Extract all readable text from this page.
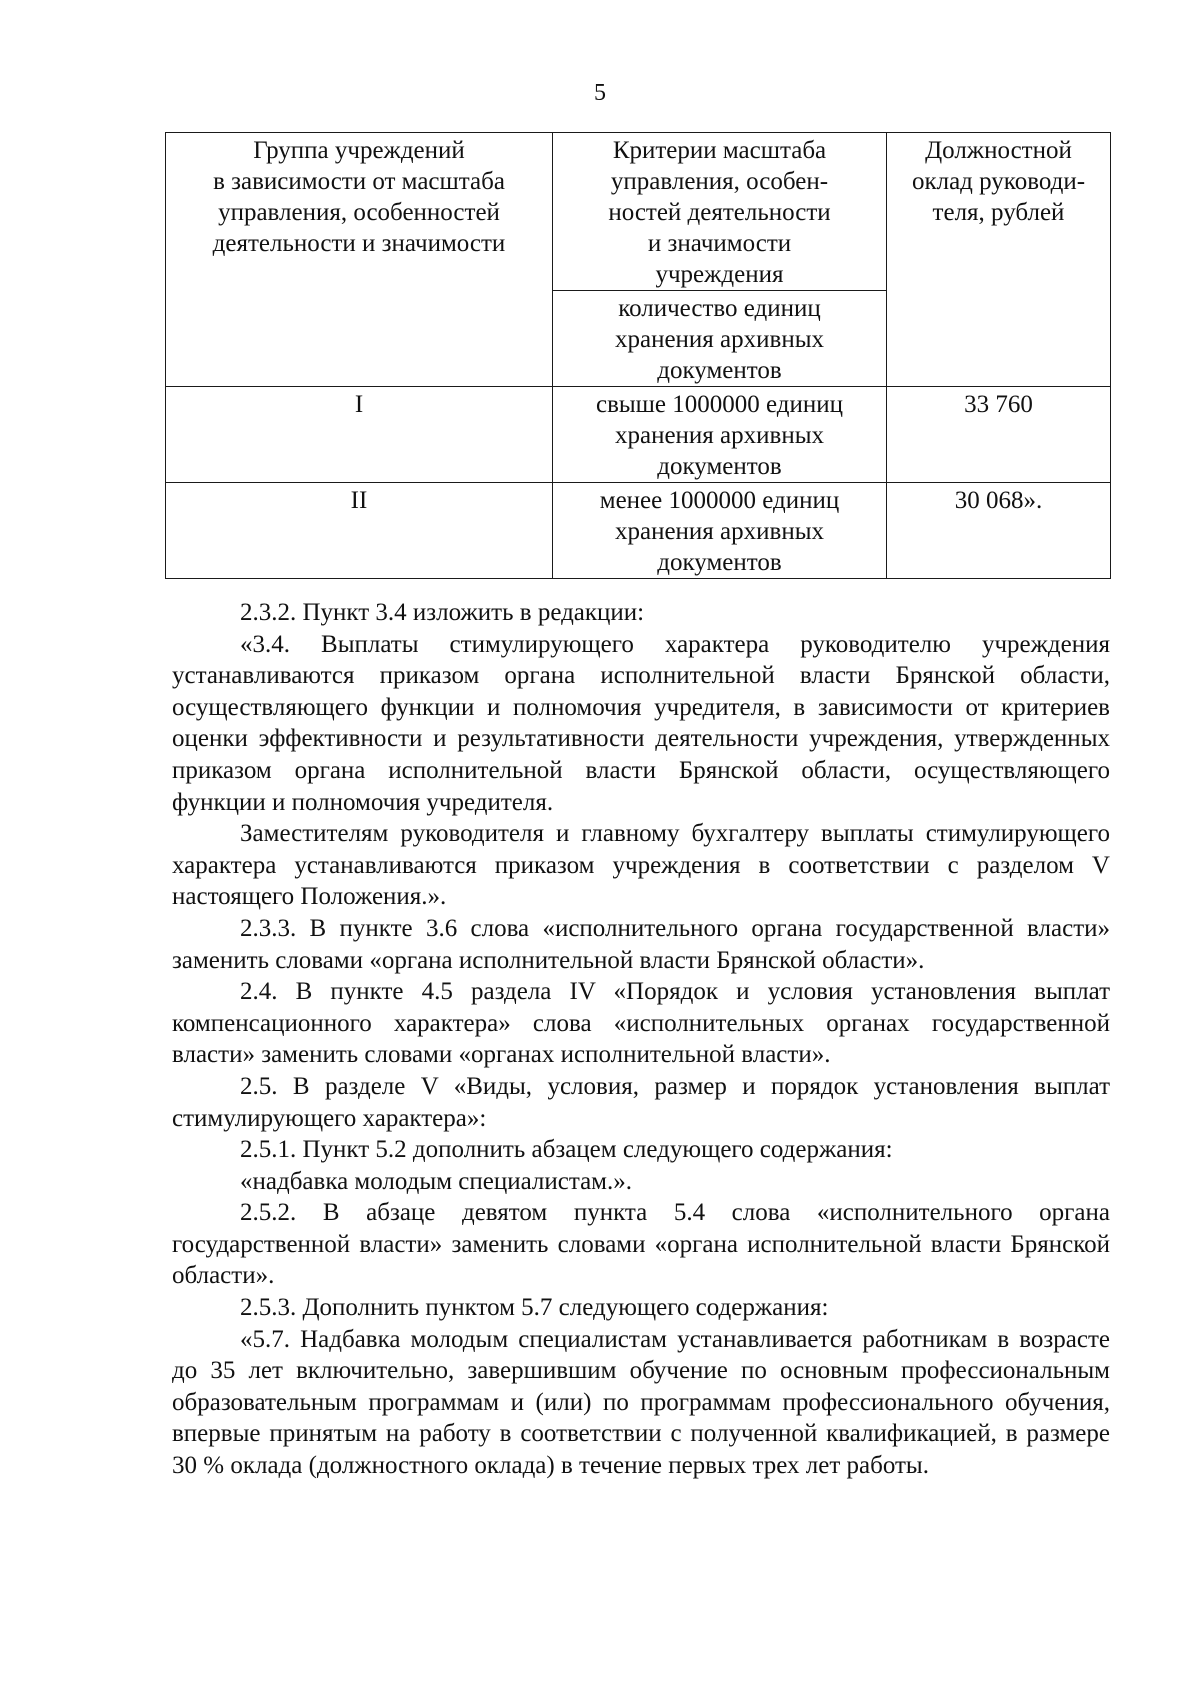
5
Группа учреждений
в зависимости от масштаба
управления, особенностей
деятельности и значимости	Критерии масштаба
управления, особен-
ностей деятельности
и значимости
учреждения	Должностной
оклад руководи-
теля, рублей

	количество единиц
хранения архивных
документов	

I	свыше 1000000 единиц
хранения архивных
документов	33 760
II	менее 1000000 единиц
хранения архивных
документов	30 068».

2.3.2. Пункт 3.4 изложить в редакции:

«3.4. Выплаты стимулирующего характера руководителю учреждения устанавливаются приказом органа исполнительной власти Брянской области, осуществляющего функции и полномочия учредителя, в зависимости от критериев оценки эффективности и результативности деятельности учреждения, утвержденных приказом органа исполнительной власти Брянской области, осуществляющего функции и полномочия учредителя.

Заместителям руководителя и главному бухгалтеру выплаты стимулирующего характера устанавливаются приказом учреждения в соответствии с разделом V настоящего Положения.».

2.3.3. В пункте 3.6 слова «исполнительного органа государственной власти» заменить словами «органа исполнительной власти Брянской области».

2.4. В пункте 4.5 раздела IV «Порядок и условия установления выплат компенсационного характера» слова «исполнительных органах государственной власти» заменить словами «органах исполнительной власти».

2.5. В разделе V «Виды, условия, размер и порядок установления выплат стимулирующего характера»:

2.5.1. Пункт 5.2 дополнить абзацем следующего содержания:

«надбавка молодым специалистам.».

2.5.2. В абзаце девятом пункта 5.4 слова «исполнительного органа государственной власти» заменить словами «органа исполнительной власти Брянской области».

2.5.3. Дополнить пунктом 5.7 следующего содержания:

«5.7. Надбавка молодым специалистам устанавливается работникам в возрасте до 35 лет включительно, завершившим обучение по основным профессиональным образовательным программам и (или) по программам профессионального обучения, впервые принятым на работу в соответствии с полученной квалификацией, в размере 30 % оклада (должностного оклада) в течение первых трех лет работы.
